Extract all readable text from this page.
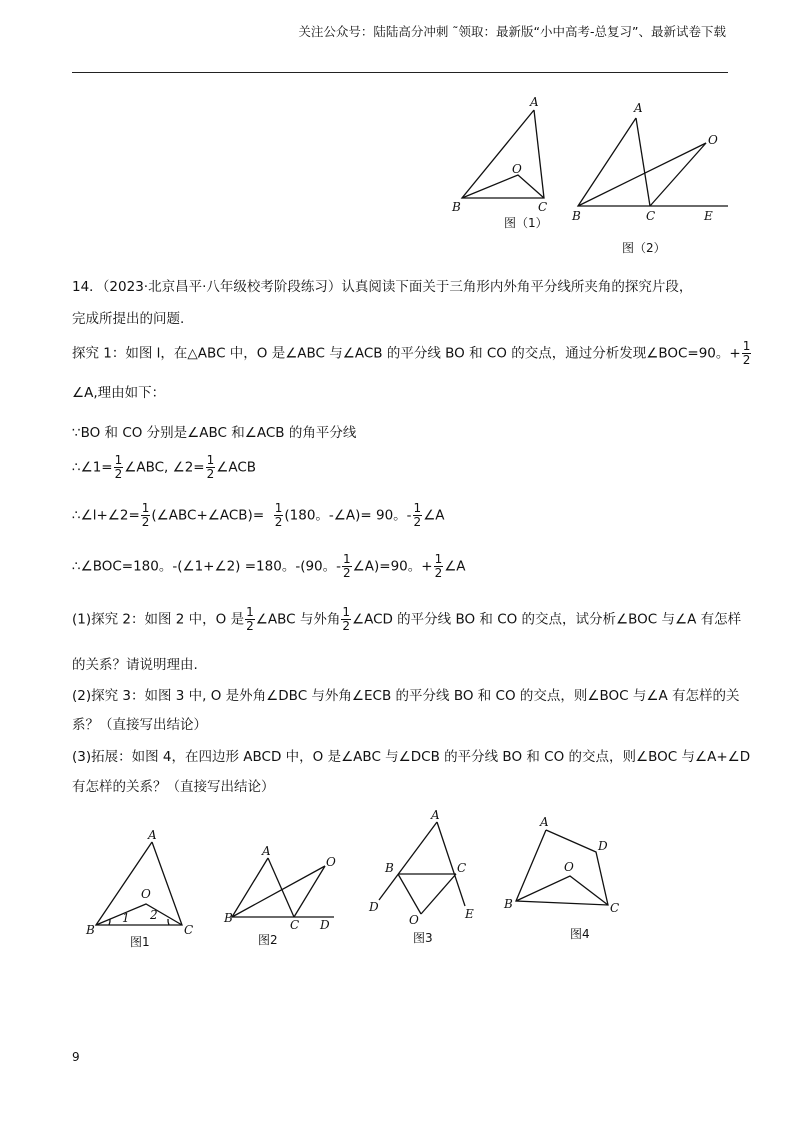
关注公众号：陆陆高分冲刺 ˜领取：最新版“小中高考-总复习”、最新试卷下载
A
B	C
O
图（1）
A
B	C
O
E
图（2）
14．（2023·北京昌平·八年级校考阶段练习）认真阅读下面关于三角形内外角平分线所夹角的探究片段，
完成所提出的问题.
探究 1：如图 l，在△ABC 中，O 是∠ABC 与∠ACB 的平分线 BO 和 CO 的交点，通过分析发现∠BOC=90。+ $\frac{1}{2}$
∠A,理由如下：
∵BO 和 CO 分别是∠ABC 和∠ACB 的角平分线
∴∠1= $\frac{1}{2}$ ∠ABC, ∠2= $\frac{1}{2}$ ∠ACB
∴∠l+∠2= $\frac{1}{2}$ (∠ABC+∠ACB)= $\frac{1}{2} (180$。-∠A)= 90。- $\frac{1}{2}$ ∠A
∴∠BOC=180。-(∠1+∠2) =180。-(90。- $\frac{1}{2}$ ∠A)=90。+ $\frac{1}{2}$ ∠A
(1)探究 2：如图 2 中，O 是 $\frac{1}{2}$ ∠ABC 与外角 $\frac{1}{2}$ ∠ACD 的平分线 BO 和 CO 的交点，试分析∠BOC 与∠A 有怎样
的关系？请说明理由.
(2)探究 3：如图 3 中, O 是外角∠DBC 与外角∠ECB 的平分线 BO 和 CO 的交点，则∠BOC 与∠A 有怎样的关
系？（直接写出结论）
(3)拓展：如图 4，在四边形 ABCD 中，O 是∠ABC 与∠DCB 的平分线 BO 和 CO 的交点，则∠BOC 与∠A+∠D
有怎样的关系？（直接写出结论）
A
B	C
O
1 2
图1
A
B	C
O
D
图2
A
B	C
O
D	E
图3
A
B	C
O
D
图4
9
